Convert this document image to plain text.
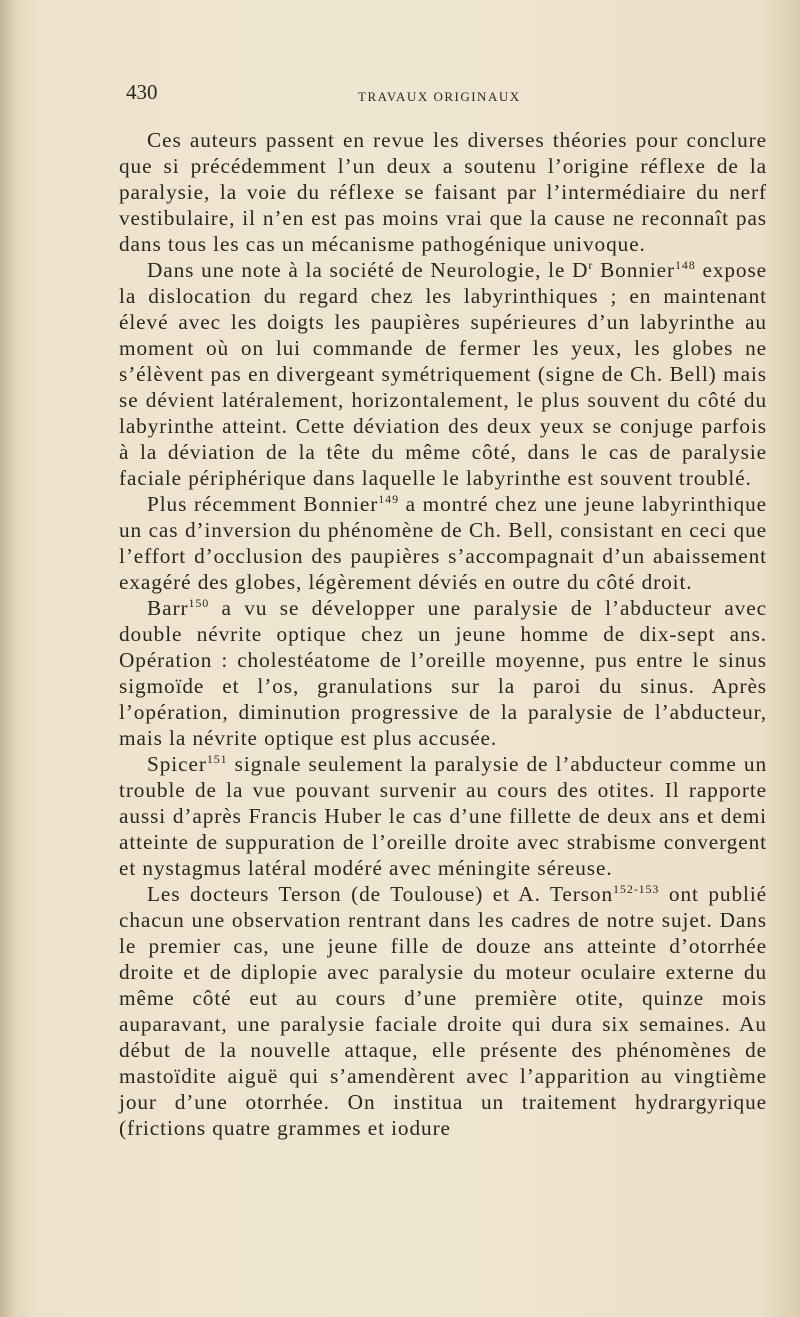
430	TRAVAUX ORIGINAUX

Ces auteurs passent en revue les diverses théories pour conclure que si précédemment l’un deux a soutenu l’origine réflexe de la paralysie, la voie du réflexe se faisant par l’intermédiaire du nerf vestibulaire, il n’en est pas moins vrai que la cause ne reconnaît pas dans tous les cas un mécanisme pathogénique univoque.

Dans une note à la société de Neurologie, le $D^r$ Bonnier$^{148}$ expose la dislocation du regard chez les labyrinthiques ; en maintenant élevé avec les doigts les paupières supérieures d’un labyrinthe au moment où on lui commande de fermer les yeux, les globes ne s’élèvent pas en divergeant symétriquement (signe de Ch. Bell) mais se dévient latéralement, horizontalement, le plus souvent du côté du labyrinthe atteint. Cette déviation des deux yeux se conjuge parfois à la déviation de la tête du même côté, dans le cas de paralysie faciale périphérique dans laquelle le labyrinthe est souvent troublé.

Plus récemment Bonnier$^{149}$ a montré chez une jeune labyrinthique un cas d’inversion du phénomène de Ch. Bell, consistant en ceci que l’effort d’occlusion des paupières s’accompagnait d’un abaissement exagéré des globes, légèrement déviés en outre du côté droit.

Barr$^{150}$ a vu se développer une paralysie de l’abducteur avec double névrite optique chez un jeune homme de dix-sept ans. Opération : cholestéatome de l’oreille moyenne, pus entre le sinus sigmoïde et l’os, granulations sur la paroi du sinus. Après l’opération, diminution progressive de la paralysie de l’abducteur, mais la névrite optique est plus accusée.

Spicer$^{151}$ signale seulement la paralysie de l’abducteur comme un trouble de la vue pouvant survenir au cours des otites. Il rapporte aussi d’après Francis Huber le cas d’une fillette de deux ans et demi atteinte de suppuration de l’oreille droite avec strabisme convergent et nystagmus latéral modéré avec méningite séreuse.

Les docteurs Terson (de Toulouse) et A. Terson$^{152-153}$ ont publié chacun une observation rentrant dans les cadres de notre sujet. Dans le premier cas, une jeune fille de douze ans atteinte d’otorrhée droite et de diplopie avec paralysie du moteur oculaire externe du même côté eut au cours d’une première otite, quinze mois auparavant, une paralysie faciale droite qui dura six semaines. Au début de la nouvelle attaque, elle présente des phénomènes de mastoïdite aiguë qui s’amendèrent avec l’apparition au vingtième jour d’une otorrhée. On institua un traitement hydrargyrique (frictions quatre grammes et iodure
